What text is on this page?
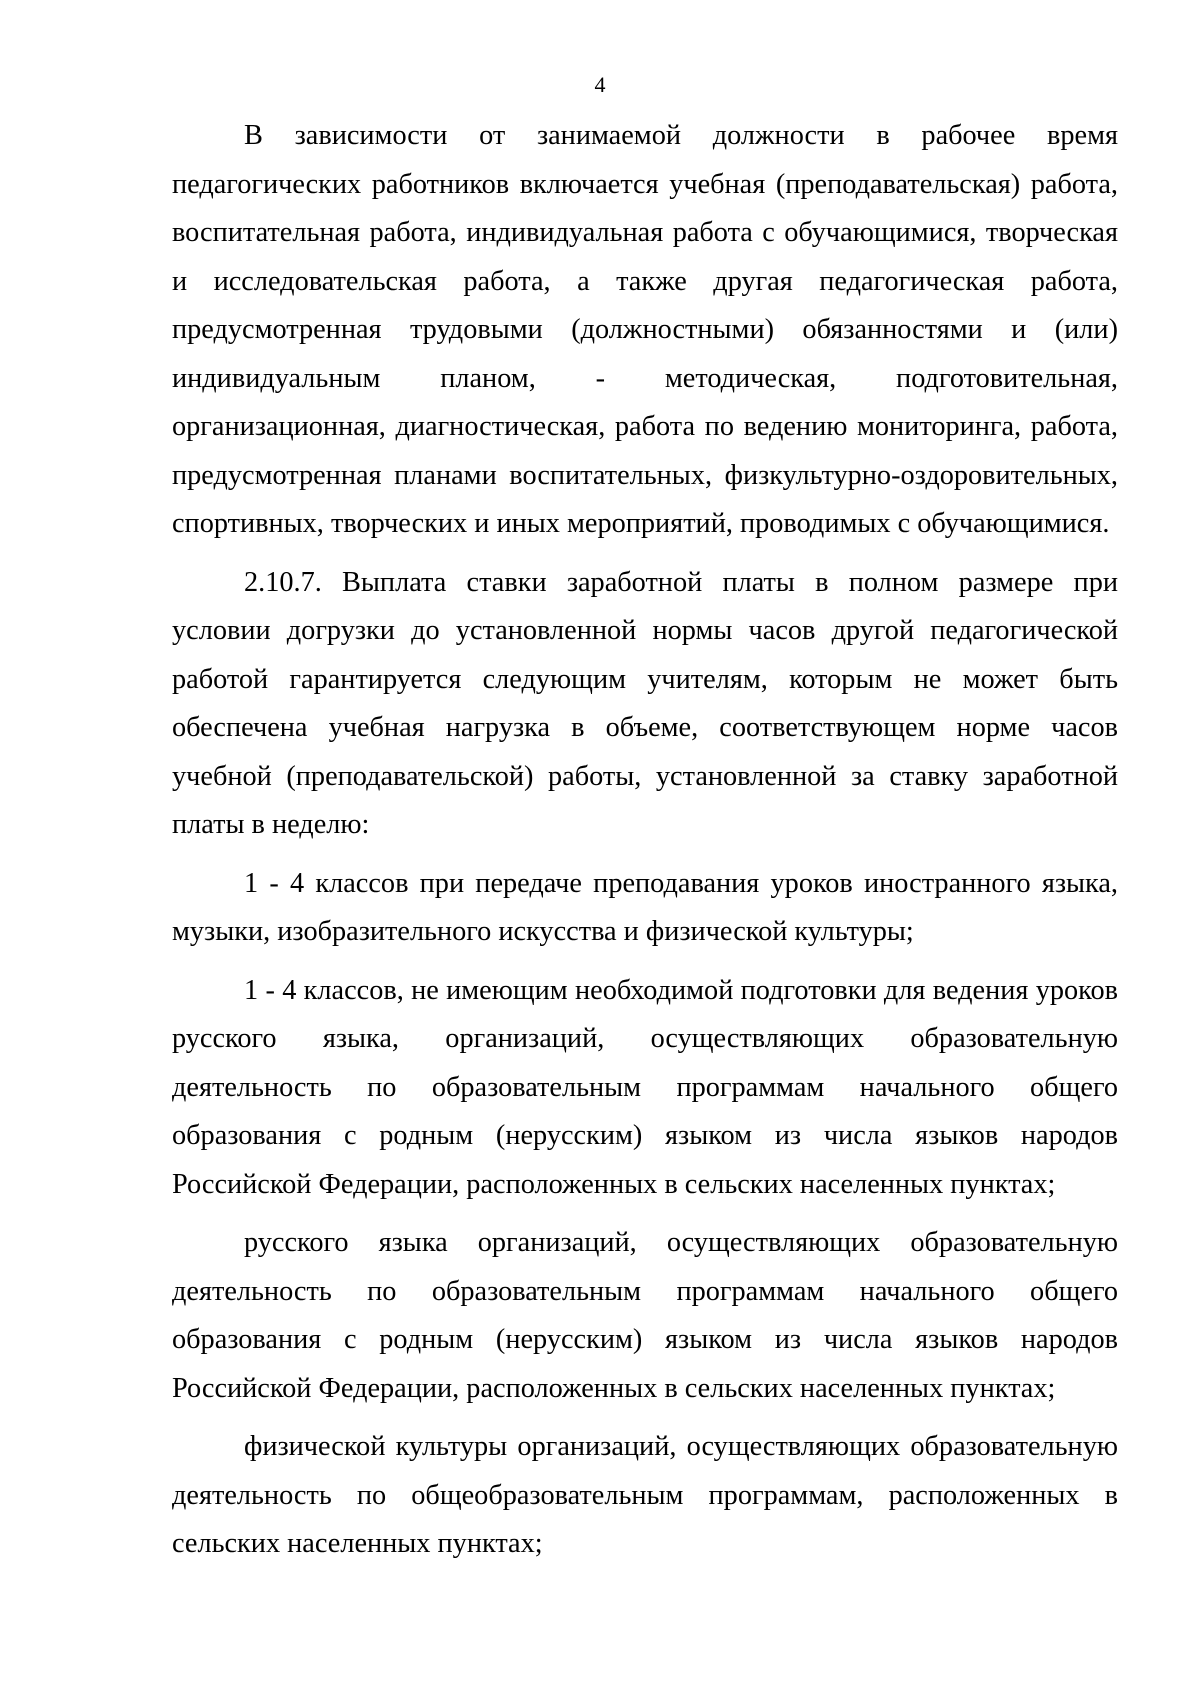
4

В зависимости от занимаемой должности в рабочее время педагогических работников включается учебная (преподавательская) работа, воспитательная работа, индивидуальная работа с обучающимися, творческая и исследовательская работа, а также другая педагогическая работа, предусмотренная трудовыми (должностными) обязанностями и (или) индивидуальным планом, - методическая, подготовительная, организационная, диагностическая, работа по ведению мониторинга, работа, предусмотренная планами воспитательных, физкультурно-оздоровительных, спортивных, творческих и иных мероприятий, проводимых с обучающимися.

2.10.7. Выплата ставки заработной платы в полном размере при условии догрузки до установленной нормы часов другой педагогической работой гарантируется следующим учителям, которым не может быть обеспечена учебная нагрузка в объеме, соответствующем норме часов учебной (преподавательской) работы, установленной за ставку заработной платы в неделю:

1 - 4 классов при передаче преподавания уроков иностранного языка, музыки, изобразительного искусства и физической культуры;

1 - 4 классов, не имеющим необходимой подготовки для ведения уроков русского языка, организаций, осуществляющих образовательную деятельность по образовательным программам начального общего образования с родным (нерусским) языком из числа языков народов Российской Федерации, расположенных в сельских населенных пунктах;

русского языка организаций, осуществляющих образовательную деятельность по образовательным программам начального общего образования с родным (нерусским) языком из числа языков народов Российской Федерации, расположенных в сельских населенных пунктах;

физической культуры организаций, осуществляющих образовательную деятельность по общеобразовательным программам, расположенных в сельских населенных пунктах;
